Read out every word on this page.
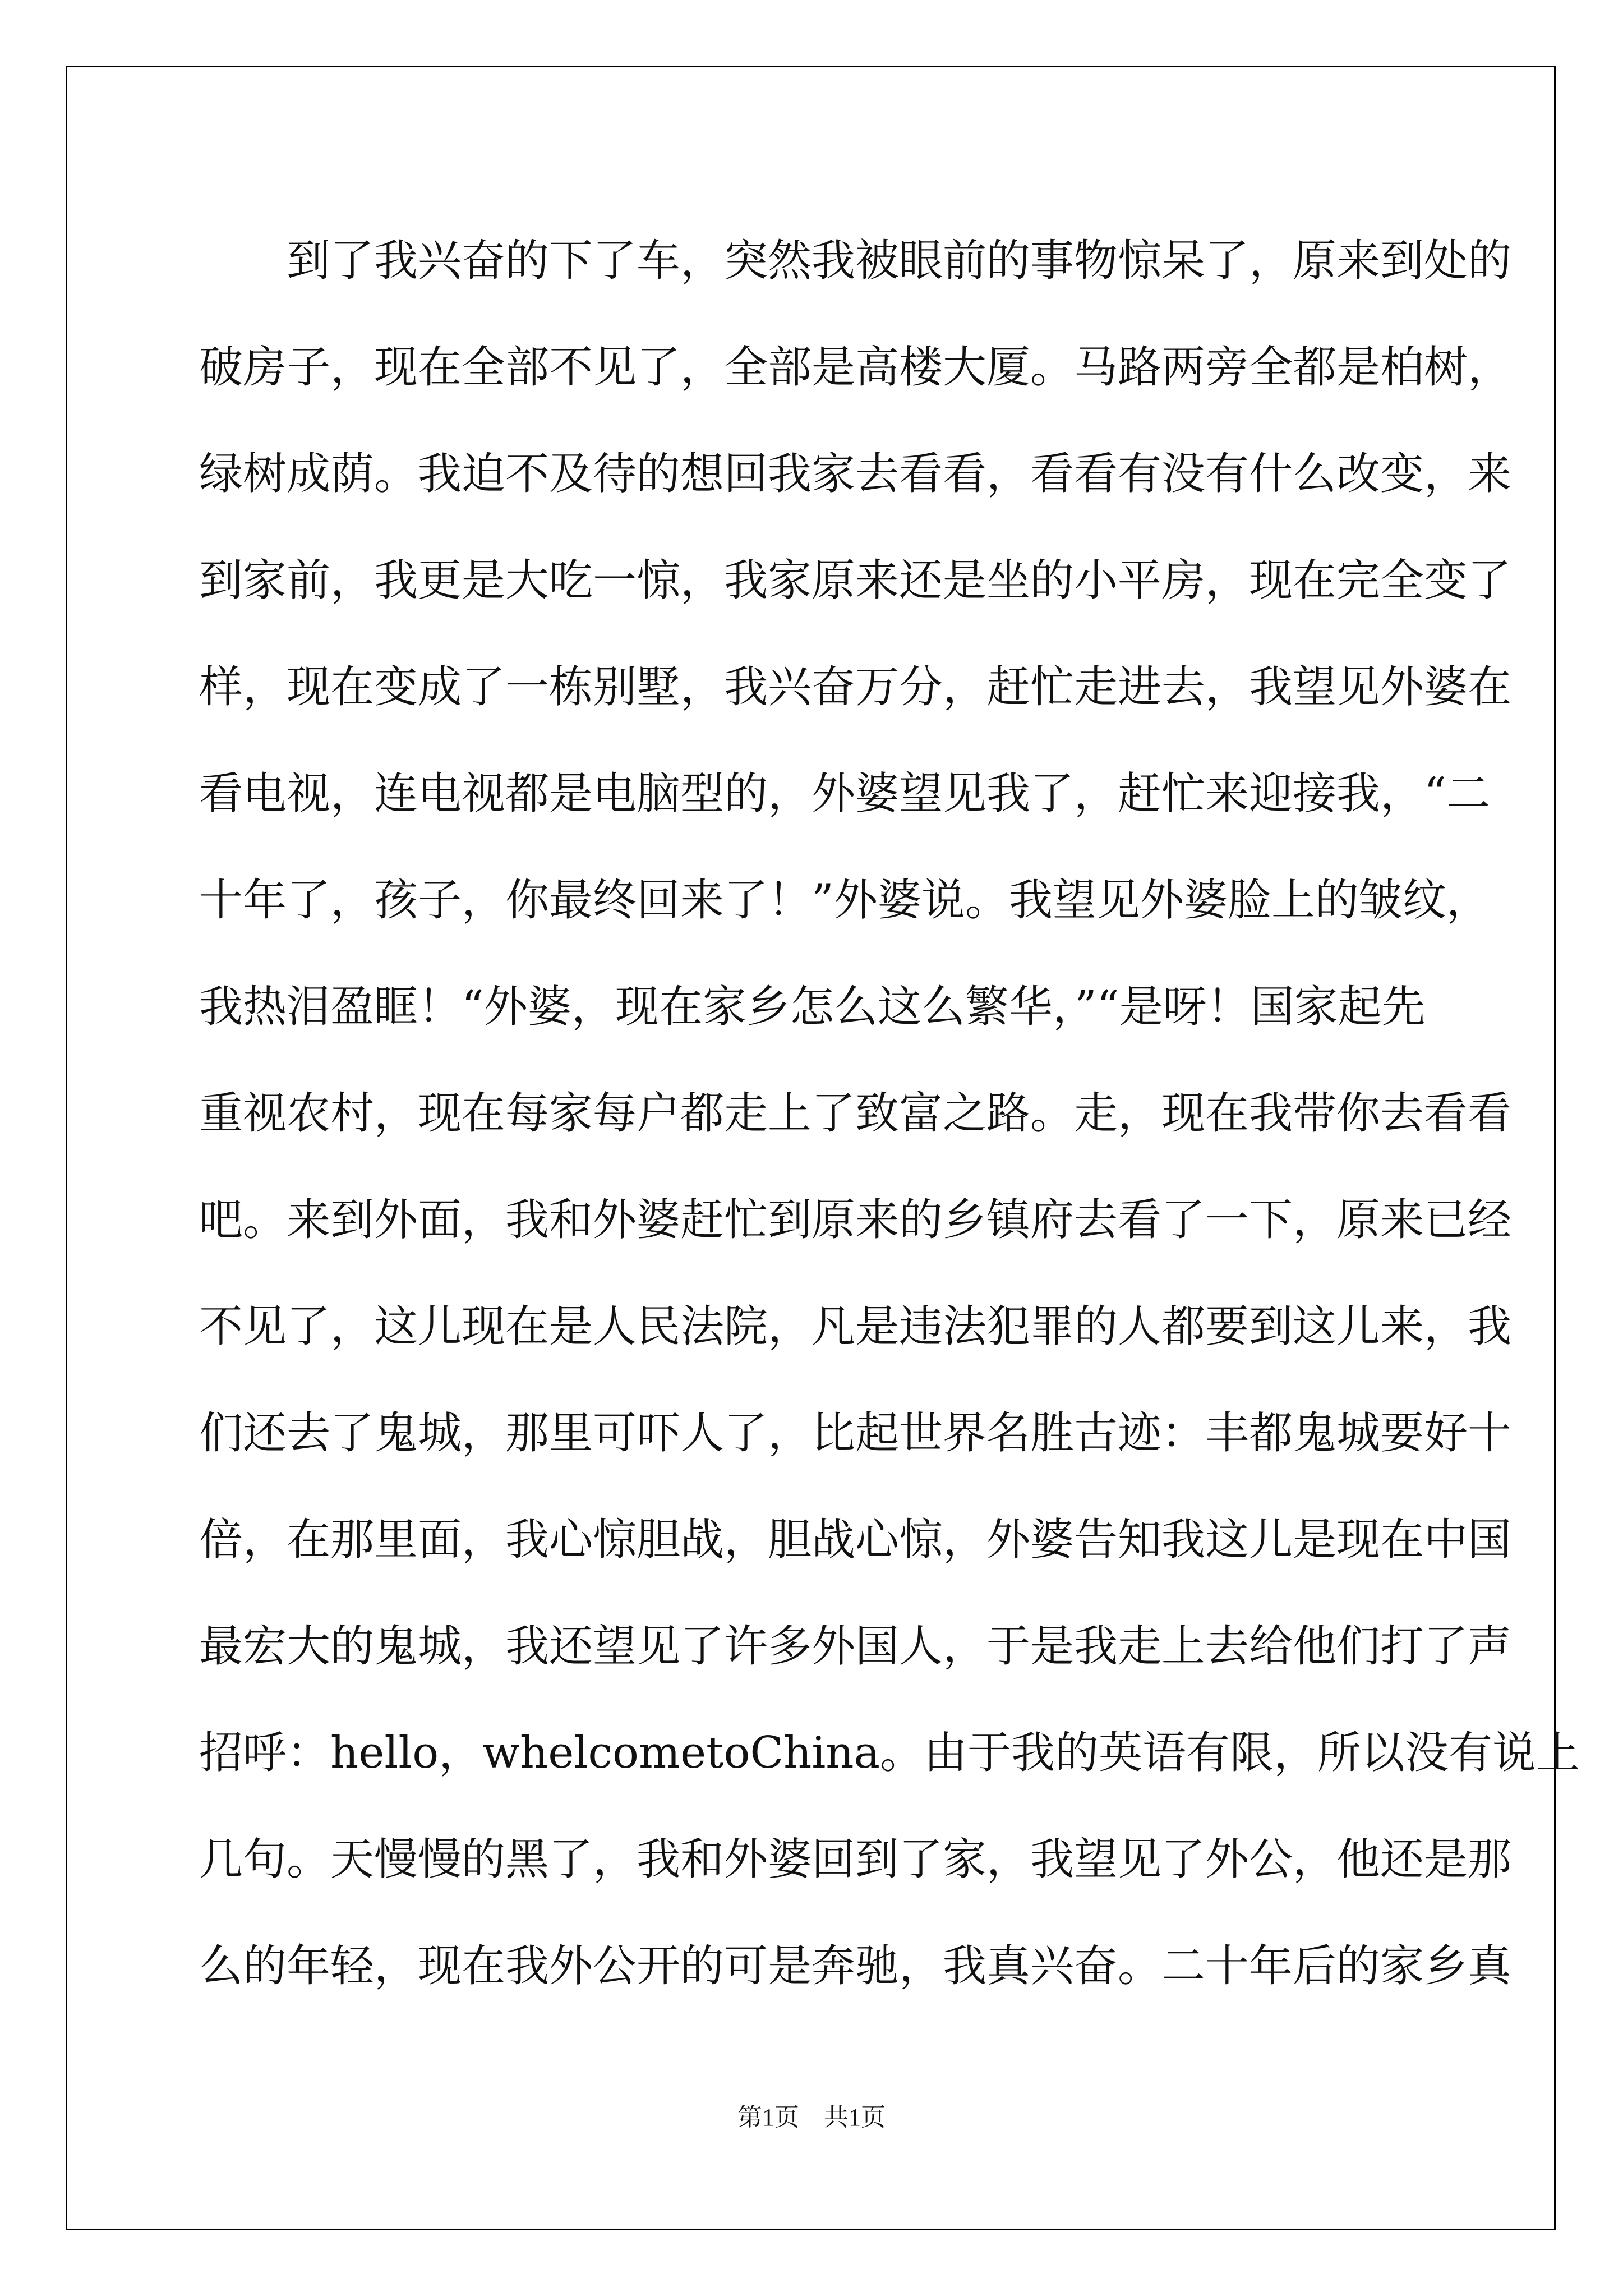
到了我兴奋的下了车，突然我被眼前的事物惊呆了，原来到处的
破房子，现在全部不见了，全部是高楼大厦。马路两旁全都是柏树，
绿树成荫。我迫不及待的想回我家去看看，看看有没有什么改变，来
到家前，我更是大吃一惊，我家原来还是坐的小平房，现在完全变了
样，现在变成了一栋别墅，我兴奋万分，赶忙走进去，我望见外婆在
看电视，连电视都是电脑型的，外婆望见我了，赶忙来迎接我，“二
十年了，孩子，你最终回来了！”外婆说。我望见外婆脸上的皱纹，
我热泪盈眶！“外婆，现在家乡怎么这么繁华，”“是呀！国家起先
重视农村，现在每家每户都走上了致富之路。走，现在我带你去看看
吧。来到外面，我和外婆赶忙到原来的乡镇府去看了一下，原来已经
不见了，这儿现在是人民法院，凡是违法犯罪的人都要到这儿来，我
们还去了鬼城，那里可吓人了，比起世界名胜古迹：丰都鬼城要好十
倍，在那里面，我心惊胆战，胆战心惊，外婆告知我这儿是现在中国
最宏大的鬼城，我还望见了许多外国人，于是我走上去给他们打了声
招呼：hello，whelcometoChina。由于我的英语有限，所以没有说上
几句。天慢慢的黑了，我和外婆回到了家，我望见了外公，他还是那
么的年轻，现在我外公开的可是奔驰，我真兴奋。二十年后的家乡真
第1页　共1页
